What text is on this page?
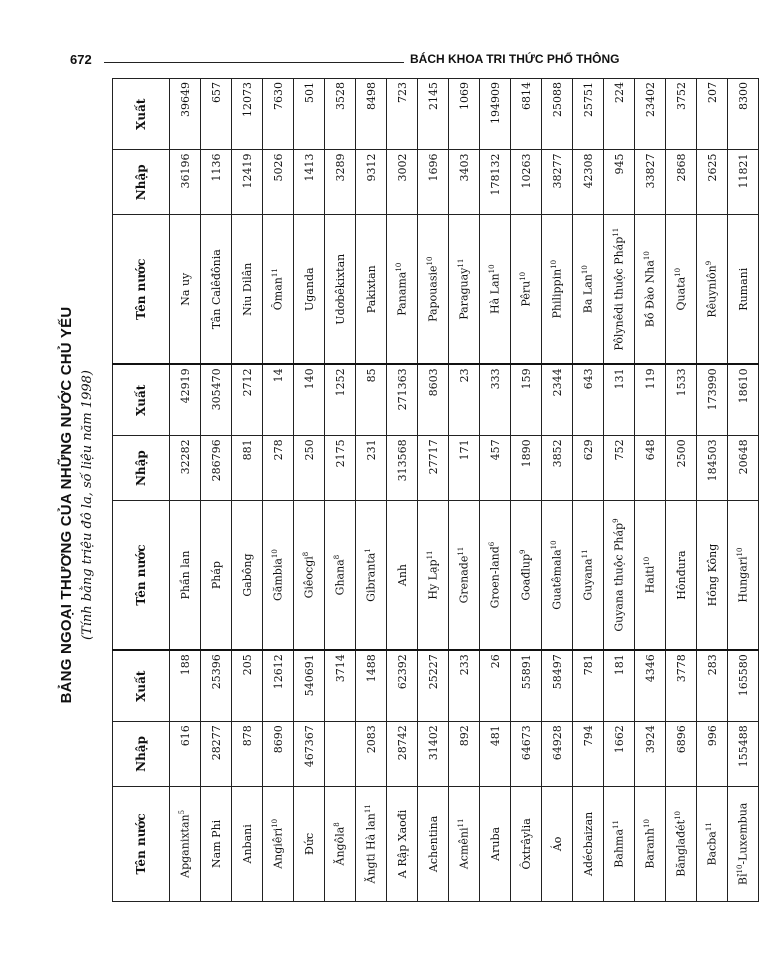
672	BÁCH KHOA TRI THỨC PHỔ THÔNG
BẢNG NGOẠI THƯƠNG CỦA NHỮNG NƯỚC CHỦ YẾU (Tính bằng triệu đô la, số liệu năm 1998)
Tên nước	Nhập	Xuất	Tên nước	Nhập	Xuất	Tên nước	Nhập	Xuất
Apganixtan$^5$	616	188	Phần lan	32282	42919	Na uy	36196	39649
Nam Phi	28277	25396	Pháp	286796	305470	Tân Calêđônia	1136	657
Anbani	878	205	Gabông	881	2712	Niu Dilân	12419	12073
Angiêri$^{10}$	8690	12612	Gămbia$^{10}$	278	14	Ôman$^{11}$	5026	7630
Đức	467367	540691	Giêocgi$^8$	250	140	Uganda	1413	501
Ăngôla$^8$		3714	Ghana$^8$	2175	1252	Udơbêkixtan	3289	3528
Ăngti Hà lan$^{11}$	2083	1488	Gibranta$^1$	231	85	Pakixtan	9312	8498
A Rập Xaođi	28742	62392	Anh	313568	271363	Panama$^{10}$	3002	723
Achentina	31402	25227	Hy Lạp$^{11}$	27717	8603	Papouasie$^{10}$	1696	2145
Acmêni$^{11}$	892	233	Grenade$^{11}$	171	23	Paraguay$^{11}$	3403	1069
Aruba	481	26	Groen-land$^6$	457	333	Hà Lan$^{10}$	178132	194909
Ôxtrâylia	64673	55891	Goađlup$^9$	1890	159	Pêru$^{10}$	10263	6814
Áo	64928	58497	Guatêmala$^{10}$	3852	2344	Philippin$^{10}$	38277	25088
Adécbaizan	794	781	Guyana$^{11}$	629	643	Ba Lan$^{10}$	42308	25751
Bahma$^{11}$	1662	181	Guyana thuộc Pháp$^9$	752	131	Pôlynêdi thuộc Pháp$^{11}$	945	224
Baranh$^{10}$	3924	4346	Haiti$^{10}$	648	119	Bồ Đào Nha$^{10}$	33827	23402
Bănglađét$^{10}$	6896	3778	Hônđura	2500	1533	Quata$^{10}$	2868	3752
Bacba$^{11}$	996	283	Hồng Kông	184503	173990	Rêuyniôn$^9$	2625	207
Bỉ$^{10}$-Luxembua	155488	165580	Hungari$^{10}$	20648	18610	Rumani	11821	8300
